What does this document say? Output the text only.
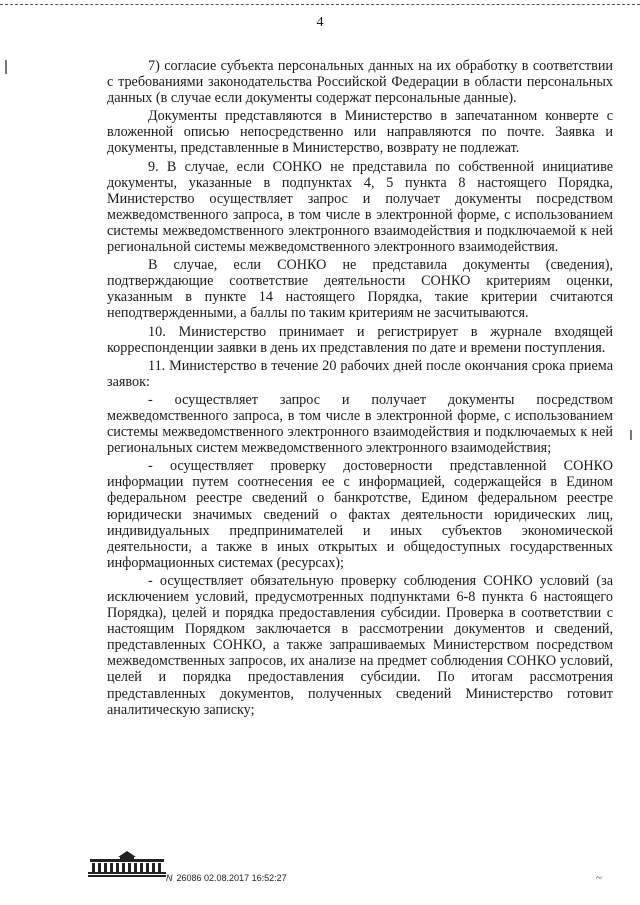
4

7) согласие субъекта персональных данных на их обработку в соответствии с требованиями законодательства Российской Федерации в области персональных данных (в случае если документы содержат персональные данные).

Документы представляются в Министерство в запечатанном конверте с вложенной описью непосредственно или направляются по почте. Заявка и документы, представленные в Министерство, возврату не подлежат.

9. В случае, если СОНКО не представила по собственной инициативе документы, указанные в подпунктах 4, 5 пункта 8 настоящего Порядка, Министерство осуществляет запрос и получает документы посредством межведомственного запроса, в том числе в электронной форме, с использованием системы межведомственного электронного взаимодействия и подключаемой к ней региональной системы межведомственного электронного взаимодействия.

В случае, если СОНКО не представила документы (сведения), подтверждающие соответствие деятельности СОНКО критериям оценки, указанным в пункте 14 настоящего Порядка, такие критерии считаются неподтвержденными, а баллы по таким критериям не засчитываются.

10. Министерство принимает и регистрирует в журнале входящей корреспонденции заявки в день их представления по дате и времени поступления.

11. Министерство в течение 20 рабочих дней после окончания срока приема заявок:

- осуществляет запрос и получает документы посредством межведомственного запроса, в том числе в электронной форме, с использованием системы межведомственного электронного взаимодействия и подключаемых к ней региональных систем межведомственного электронного взаимодействия;

- осуществляет проверку достоверности представленной СОНКО информации путем соотнесения ее с информацией, содержащейся в Едином федеральном реестре сведений о банкротстве, Едином федеральном реестре юридически значимых сведений о фактах деятельности юридических лиц, индивидуальных предпринимателей и иных субъектов экономической деятельности, а также в иных открытых и общедоступных государственных информационных системах (ресурсах);

- осуществляет обязательную проверку соблюдения СОНКО условий (за исключением условий, предусмотренных подпунктами 6-8 пункта 6 настоящего Порядка), целей и порядка предоставления субсидии. Проверка в соответствии с настоящим Порядком заключается в рассмотрении документов и сведений, представленных СОНКО, а также запрашиваемых Министерством посредством межведомственных запросов, их анализе на предмет соблюдения СОНКО условий, целей и порядка предоставления субсидии. По итогам рассмотрения представленных документов, полученных сведений Министерство готовит аналитическую записку;

N 26086 02.08.2017 16:52:27	~
